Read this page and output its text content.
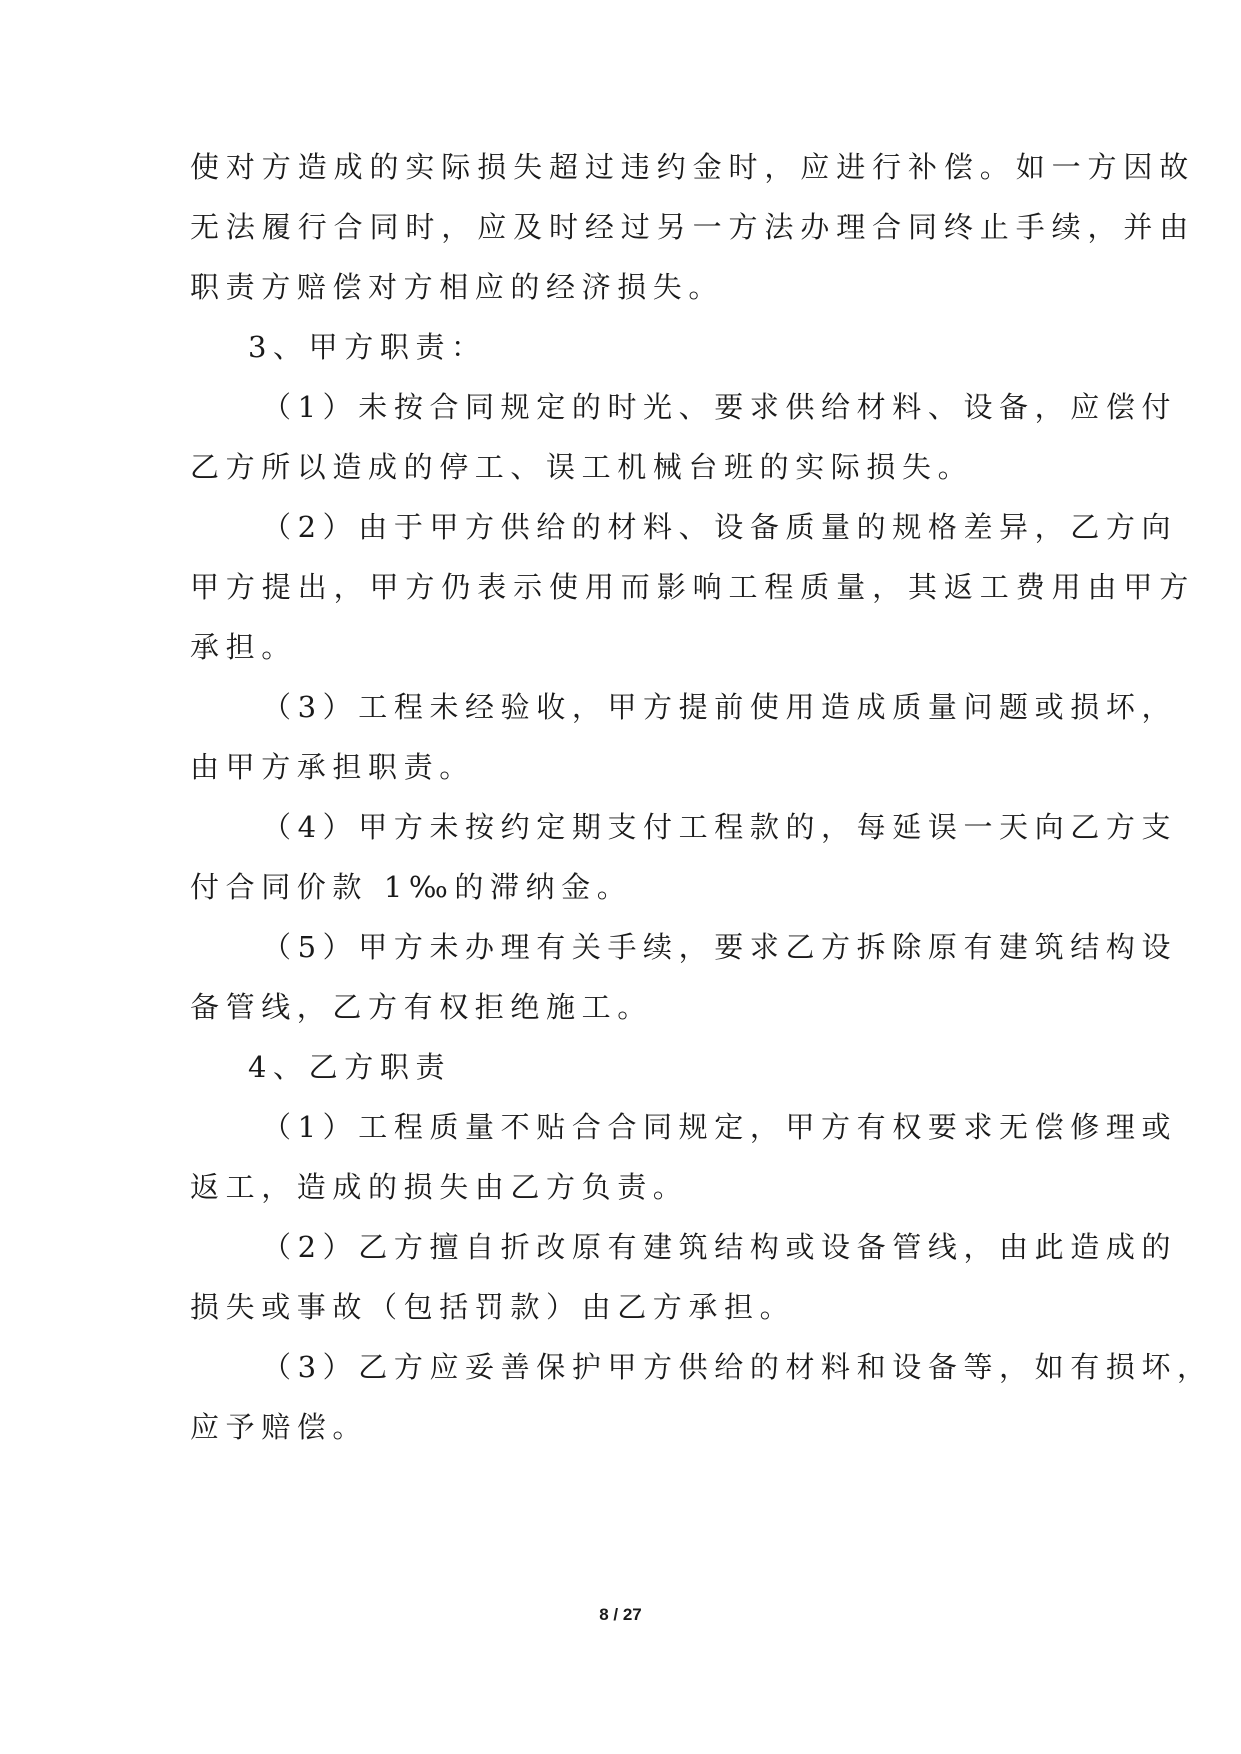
使对方造成的实际损失超过违约金时，应进行补偿。如一方因故
无法履行合同时，应及时经过另一方法办理合同终止手续，并由
职责方赔偿对方相应的经济损失。
3、甲方职责：
（1）未按合同规定的时光、要求供给材料、设备，应偿付
乙方所以造成的停工、误工机械台班的实际损失。
（2）由于甲方供给的材料、设备质量的规格差异，乙方向
甲方提出，甲方仍表示使用而影响工程质量，其返工费用由甲方
承担。
（3）工程未经验收，甲方提前使用造成质量问题或损坏，
由甲方承担职责。
（4）甲方未按约定期支付工程款的，每延误一天向乙方支
付合同价款 1‰的滞纳金。
（5）甲方未办理有关手续，要求乙方拆除原有建筑结构设
备管线，乙方有权拒绝施工。
4、乙方职责
（1）工程质量不贴合合同规定，甲方有权要求无偿修理或
返工，造成的损失由乙方负责。
（2）乙方擅自折改原有建筑结构或设备管线，由此造成的
损失或事故（包括罚款）由乙方承担。
（3）乙方应妥善保护甲方供给的材料和设备等，如有损坏，
应予赔偿。
8 / 27
